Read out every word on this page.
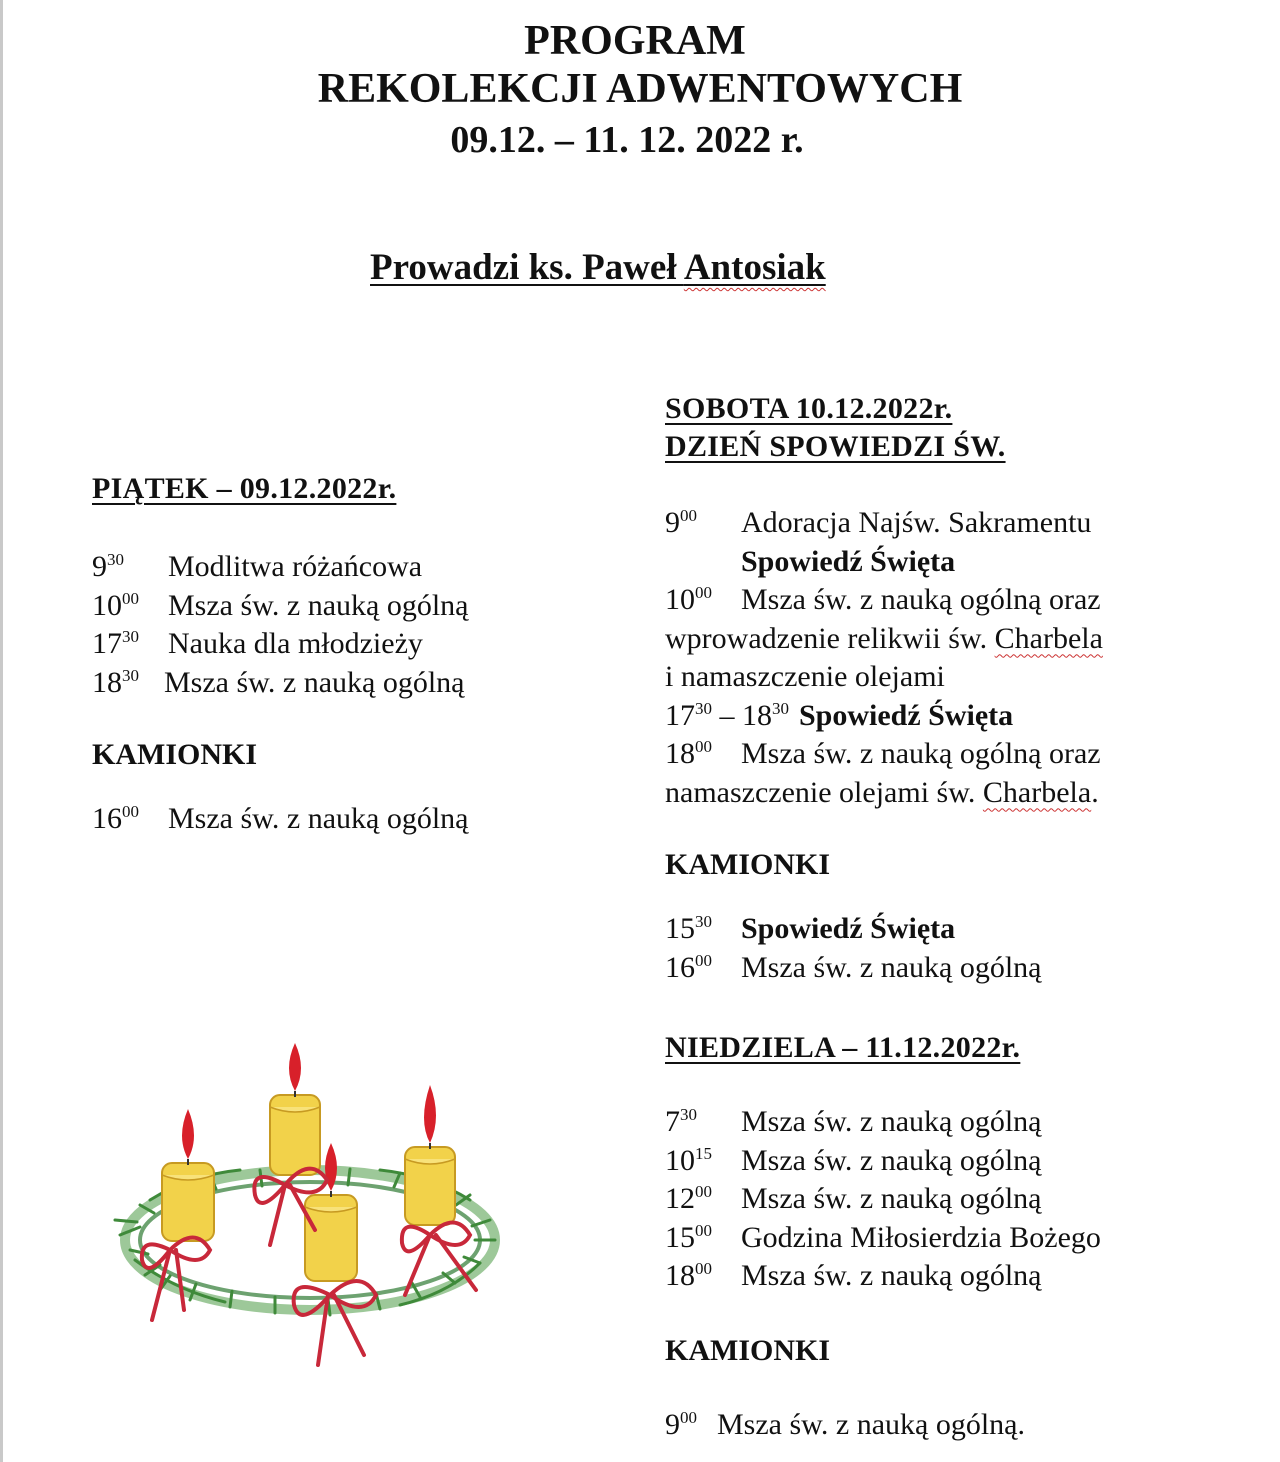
PROGRAM
REKOLEKCJI ADWENTOWYCH
09.12. – 11. 12. 2022 r.
Prowadzi ks. Paweł Antosiak
PIĄTEK – 09.12.2022r.
$9^{30}$ Modlitwa różańcowa
$10^{00}$ Msza św. z nauką ogólną
$17^{30}$ Nauka dla młodzieży
$18^{30}$ Msza św. z nauką ogólną
KAMIONKI
$16^{00}$ Msza św. z nauką ogólną
SOBOTA 10.12.2022r.
DZIEŃ SPOWIEDZI ŚW.
$9^{00}$ Adoracja Najśw. Sakramentu
Spowiedź Święta
$10^{00}$ Msza św. z nauką ogólną oraz
wprowadzenie relikwii św. Charbela
i namaszczenie olejami
$17^{30} - 18^{30}$ Spowiedź Święta
$18^{00}$ Msza św. z nauką ogólną oraz
namaszczenie olejami św. Charbela.
KAMIONKI
$15^{30}$ Spowiedź Święta
$16^{00}$ Msza św. z nauką ogólną
NIEDZIELA – 11.12.2022r.
$7^{30}$ Msza św. z nauką ogólną
$10^{15}$ Msza św. z nauką ogólną
$12^{00}$ Msza św. z nauką ogólną
$15^{00}$ Godzina Miłosierdzia Bożego
$18^{00}$ Msza św. z nauką ogólną
KAMIONKI
$9^{00}$ Msza św. z nauką ogólną.
